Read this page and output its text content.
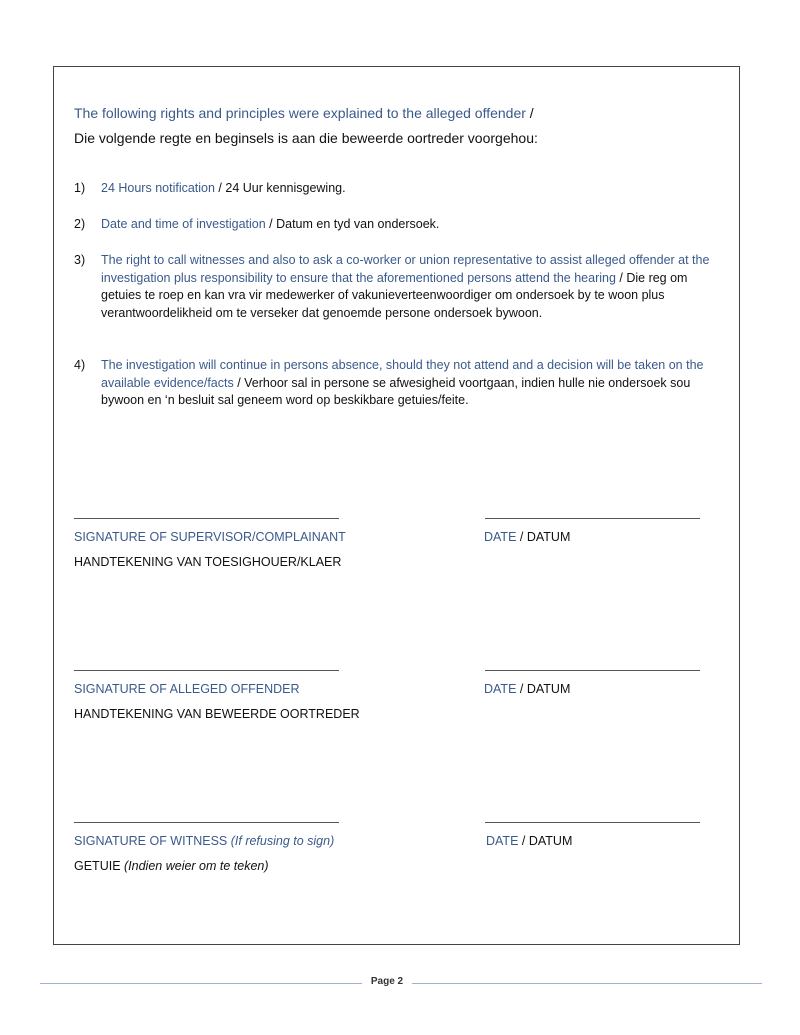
The following rights and principles were explained to the alleged offender /
Die volgende regte en beginsels is aan die beweerde oortreder voorgehou:
1)	24 Hours notification / 24 Uur kennisgewing.
2)	Date and time of investigation / Datum en tyd van ondersoek.
3)	The right to call witnesses and also to ask a co-worker or union representative to assist alleged offender at the investigation plus responsibility to ensure that the aforementioned persons attend the hearing / Die reg om getuies te roep en kan vra vir medewerker of vakunieverteenwoordiger om ondersoek by te woon plus verantwoordelikheid om te verseker dat genoemde persone ondersoek bywoon.
4)	The investigation will continue in persons absence, should they not attend and a decision will be taken on the available evidence/facts / Verhoor sal in persone se afwesigheid voortgaan, indien hulle nie ondersoek sou bywoon en ‘n besluit sal geneem word op beskikbare getuies/feite.
SIGNATURE OF SUPERVISOR/COMPLAINANT
HANDTEKENING VAN TOESIGHOUER/KLAER
DATE / DATUM
SIGNATURE OF ALLEGED OFFENDER
HANDTEKENING VAN BEWEERDE OORTREDER
DATE / DATUM
SIGNATURE OF WITNESS (If refusing to sign)
GETUIE (Indien weier om te teken)
DATE / DATUM
Page 2
